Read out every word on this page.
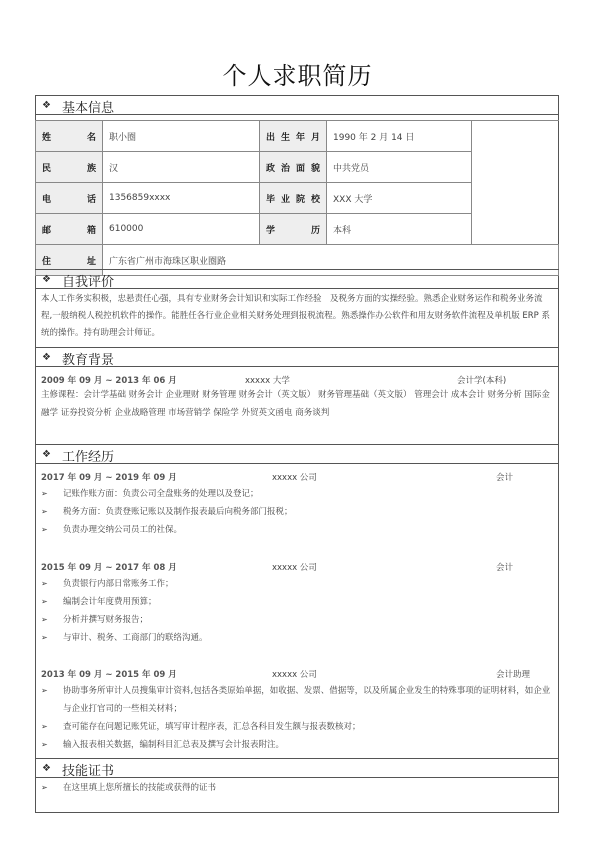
个人求职简历
❖ 基本信息
姓名	职小圈	出生年月	1990 年 2 月 14 日	
民族	汉	政治面貌	中共党员	
电话	1356859xxxx	毕业院校	XXX 大学	
邮箱	610000	学历	本科	
住址	广东省广州市海珠区职业圈路			
❖ 自我评价
本人工作务实积极，忠悬责任心强，具有专业财务会计知识和实际工作经验　及税务方面的实操经验。熟悉企业财务运作和税务业务流程,一般纳税人税控机软件的操作。能胜任各行业企业相关财务处理到报税流程。熟悉操作办公软件和用友财务软件流程及单机版 ERP 系统的操作。持有助理会计师证。
❖ 教育背景
2009 年 09 月 ~ 2013 年 06 月	xxxxx 大学	会计学(本科)
主修课程：会计学基础 财务会计 企业理财 财务管理 财务会计（英文版） 财务管理基础（英文版） 管理会计 成本会计 财务分析 国际金融学 证券投资分析 企业战略管理 市场营销学 保险学 外贸英文函电 商务谈判
❖ 工作经历
2017 年 09 月 ~ 2019 年 09 月	xxxxx 公司	会计
➢ 记账作账方面：负责公司全盘账务的处理以及登记；
➢ 税务方面：负责登账记账以及制作报表最后向税务部门报税；
➢ 负责办理交纳公司员工的社保。
2015 年 09 月 ~ 2017 年 08 月	xxxxx 公司	会计
➢ 负责银行内部日常账务工作；
➢ 编制会计年度费用预算；
➢ 分析并撰写财务报告；
➢ 与审计、税务、工商部门的联络沟通。
2013 年 09 月 ~ 2015 年 09 月	xxxxx 公司	会计助理
➢ 协助事务所审计人员搜集审计资料,包括各类原始单据，如收据、发票、借据等，以及所属企业发生的特殊事项的证明材料，如企业与企业打官司的一些相关材料；
➢ 查可能存在问题记账凭证，填写审计程序表，汇总各科目发生额与报表数核对；
➢ 输入报表相关数据，编制科目汇总表及撰写会计报表附注。
❖ 技能证书
➢ 在这里填上您所擅长的技能或获得的证书
